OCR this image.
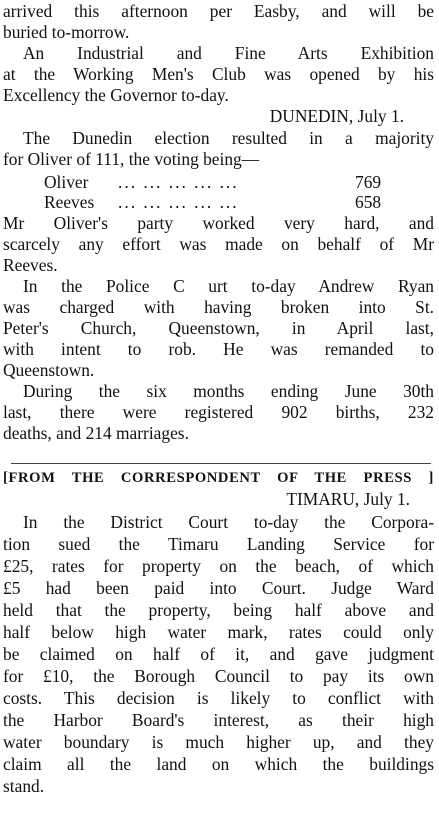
arrived this afternoon per Easby, and will be
buried to-morrow.
An Industrial and Fine Arts Exhibition
at the Working Men's Club was opened by his
Excellency the Governor to-day.
DUNEDIN, July 1.
The Dunedin election resulted in a majority
for Oliver of 111, the voting being—
Oliver ... ... ... ... ...	769
Reeves ... ... ... ... ...	658
Mr Oliver's party worked very hard, and
scarcely any effort was made on behalf of Mr
Reeves.
In the Police C urt to-day Andrew Ryan
was charged with having broken into St.
Peter's Church, Queenstown, in April last,
with intent to rob. He was remanded to
Queenstown.
During the six months ending June 30th
last, there were registered 902 births, 232
deaths, and 214 marriages.
[FROM THE CORRESPONDENT OF THE PRESS ]
TIMARU, July 1.
In the District Court to-day the Corpora-
tion sued the Timaru Landing Service for
£25, rates for property on the beach, of which
£5 had been paid into Court. Judge Ward
held that the property, being half above and
half below high water mark, rates could only
be claimed on half of it, and gave judgment
for £10, the Borough Council to pay its own
costs. This decision is likely to conflict with
the Harbor Board's interest, as their high
water boundary is much higher up, and they
claim all the land on which the buildings
stand.
